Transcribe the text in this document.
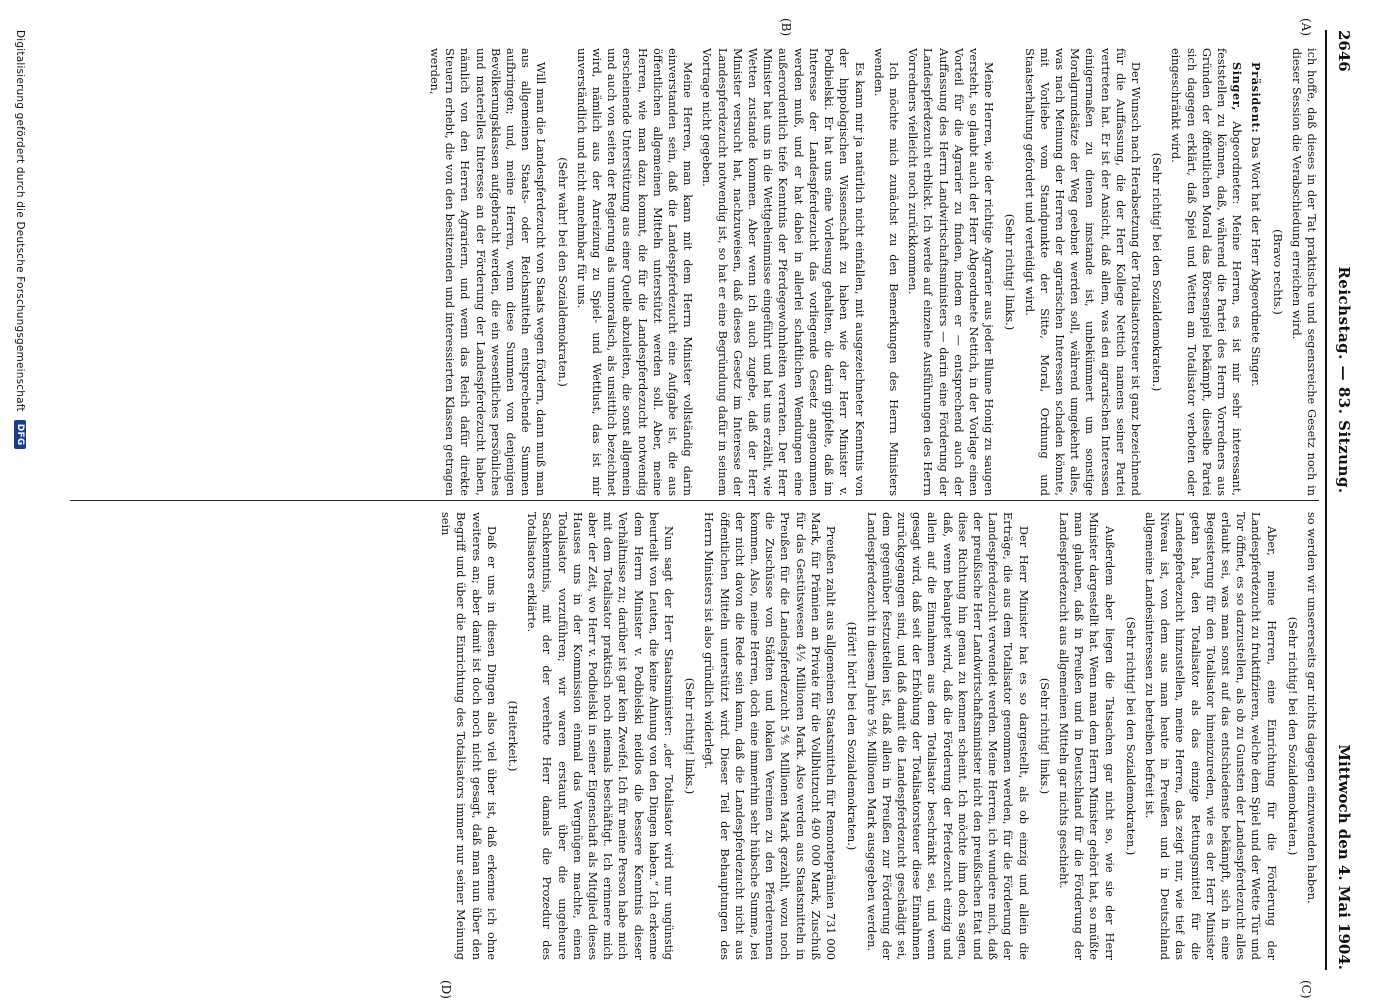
2646
Reichstag. — 83. Sitzung.
Mittwoch den 4. Mai 1904.
(A)
(B)
(C)
(D)

ich hoffe, daß dieses in der Tat praktische und segensreiche Gesetz noch in dieser Session die Verabschiedung erreichen wird.

(Bravo rechts.)

Präsident: Das Wort hat der Herr Abgeordnete Singer.

Singer, Abgeordneter: Meine Herren, es ist mir sehr interessant, feststellen zu können, daß, während die Partei des Herrn Vorredners aus Gründen der öffentlichen Moral das Börsenspiel bekämpft, dieselbe Partei sich dagegen erklärt, daß Spiel und Wetten am Totalisator verboten oder eingeschränkt wird.

(Sehr richtig! bei den Sozialdemokraten.)

Der Wunsch nach Herabsetzung der Totalisatorsteuer ist ganz bezeichnend für die Auffassung, die der Herr Kollege Nettich namens seiner Partei vertreten hat. Er ist der Ansicht, daß allem, was den agrarischen Interessen einigermaßen zu dienen imstande ist, unbekümmert um sonstige Moralgrundsätze der Weg geebnet werden soll, während umgekehrt alles, was nach Meinung der Herren der agrarischen Interessen schaden könnte, mit Vorliebe vom Standpunkte der Sitte, Moral, Ordnung und Staatserhaltung gefordert und verteidigt wird.

(Sehr richtig! links.)

Meine Herren, wie der richtige Agrarier aus jeder Blume Honig zu saugen versteht, so glaubt auch der Herr Abgeordnete Nettich, in der Vorlage einen Vorteil für die Agrarier zu finden, indem er — entsprechend auch der Auffassung des Herrn Landwirtschaftsministers — darin eine Förderung der Landespferdezucht erblickt. Ich werde auf einzelne Ausführungen des Herrn Vorredners vielleicht noch zurückkommen.

Ich möchte mich zunächst zu den Bemerkungen des Herrn Ministers wenden.

Es kann mir ja natürlich nicht einfallen, mit ausgezeichneter Kenntnis von der hippologischen Wissenschaft zu haben wie der Herr Minister v. Podbielski. Er hat uns eine Vorlesung gehalten, die darin gipfelte, daß im Interesse der Landespferdezucht das vorliegende Gesetz angenommen werden muß, und er hat dabei in allerlei schaftlichen Wendungen eine außerordentlich tiefe Kenntnis der Pferdegewohnheiten verraten. Der Herr Minister hat uns in die Wettgeheimnisse eingeführt und hat uns erzählt, wie Wetten zustande kommen. Aber wenn ich auch zugebe, daß der Herr Minister versucht hat, nachzuweisen, daß dieses Gesetz im Interesse der Landespferdezucht notwendig ist, so hat er eine Begründung dafür in seinem Vortrage nicht gegeben.

Meine Herren, man kann mit dem Herrn Minister vollständig darin einverstanden sein, daß die Landespferdezucht eine Aufgabe ist, die aus öffentlichen allgemeinen Mitteln unterstützt werden soll. Aber, meine Herren, wie man dazu kommt, die für die Landespferdezucht notwendig erscheinende Unterstützung aus einer Quelle abzuleiten, die sonst allgemein und auch von seiten der Regierung als unmoralisch, als unsittlich bezeichnet wird, nämlich aus der Anreizung zu Spiel- und Wettlust, das ist mir unverständlich und nicht annehmbar für uns.

(Sehr wahr! bei den Sozialdemokraten.)

Will man die Landespferdezucht von Staats wegen fördern, dann muß man aus allgemeinen Staats- oder Reichsmitteln entsprechende Summen aufbringen; und, meine Herren, wenn diese Summen von denjenigen Bevölkerungsklassen aufgebracht werden, die ein wesentliches persönliches und materielles Interesse an der Förderung der Landespferdezucht haben, nämlich von den Herren Agrariern, und wenn das Reich dafür direkte Steuern erhebt, die von den besitzenden und interessierten Klassen getragen werden,

so werden wir unsererseits gar nichts dagegen einzuwenden haben.

(Sehr richtig! bei den Sozialdemokraten.)

Aber, meine Herren, eine Einrichtung für die Förderung der Landespferdezucht zu fruktifizieren, welche dem Spiel und der Wette Tür und Tor öffnet, es so darzustellen, als ob zu Gunsten der Landespferdezucht alles erlaubt sei, was man sonst auf das entschiedenste bekämpft, sich in eine Begeisterung für den Totalisator hineinzureden, wie es der Herr Minister getan hat, den Totalisator als das einzige Rettungsmittel für die Landespferdezucht hinzustellen, meine Herren, das zeigt nur, wie tief das Niveau ist, von dem aus man heute in Preußen und in Deutschland allgemeine Landesinteressen zu betreiben befreit ist.

(Sehr richtig! bei den Sozialdemokraten.)

Außerdem aber liegen die Tatsachen gar nicht so, wie sie der Herr Minister dargestellt hat. Wenn man dem Herrn Minister gehört hat, so müßte man glauben, daß in Preußen und in Deutschland für die Förderung der Landespferdezucht aus allgemeinen Mitteln gar nichts geschieht.

(Sehr richtig! links.)

Der Herr Minister hat es so dargestellt, als ob einzig und allein die Erträge, die aus dem Totalisator genommen werden, für die Förderung der Landespferdezucht verwendet werden. Meine Herren, ich wundere mich, daß der preußische Herr Landwirtschaftsminister nicht den preußischen Etat und diese Richtung hin genau zu kennen scheint. Ich möchte ihm doch sagen, daß, wenn behauptet wird, daß die Förderung der Pferdezucht einzig und allein auf die Einnahmen aus dem Totalisator beschränkt sei, und wenn gesagt wird, daß seit der Erhöhung der Totalisatorsteuer diese Einnahmen zurückgegangen sind, und daß damit die Landespferdezucht geschädigt sei, dem gegenüber festzustellen ist, daß allein in Preußen zur Förderung der Landespferdezucht in diesem Jahre 5⅘ Millionen Mark ausgegeben werden.

(Hört! hört! bei den Sozialdemokraten.)

Preußen zahlt aus allgemeinen Staatsmitteln für Remonteprämien 731 000 Mark, für Prämien an Private für die Vollblutzucht 490 000 Mark, Zuschuß für das Gestütswesen 4½ Millionen Mark. Also werden aus Staatsmitteln in Preußen für die Landespferdezucht 5⅘ Millionen Mark gezahlt, wozu noch die Zuschüsse von Städten und lokalen Vereinen zu den Pferderennen kommen. Also, meine Herren, doch eine immerhin sehr hübsche Summe, bei der nicht davon die Rede sein kann, daß die Landespferdezucht nicht aus öffentlichen Mitteln unterstützt wird. Dieser Teil der Behauptungen des Herrn Ministers ist also gründlich widerlegt.

(Sehr richtig! links.)

Nun sagt der Herr Staatsminister: „der Totalisator wird nur ungünstig beurteilt von Leuten, die keine Ahnung von den Dingen haben.“ Ich erkenne dem Herrn Minister v. Podbielski neidlos die bessere Kenntnis dieser Verhältnisse zu; darüber ist gar kein Zweifel. Ich für meine Person habe mich mit dem Totalisator praktisch noch niemals beschäftigt. Ich erinnere mich aber der Zeit, wo Herr v. Podbielski in seiner Eigenschaft als Mitglied dieses Hauses uns in der Kommission einmal das Vergnügen machte, einen Totalisator vorzuführen; wir waren erstaunt über die ungeheure Sachkenntnis, mit der der verehrte Herr damals die Prozedur des Totalisators erklärte.

(Heiterkeit.)

Daß er uns in diesen Dingen also viel über ist, daß erkenne ich ohne weiteres an; aber damit ist doch noch nicht gesagt, daß man nun über den Begriff und über die Einrichtung des Totalisators immer nur seiner Meinung sein

Digitalisierung gefördert durch die Deutsche Forschungsgemeinschaft
DFG
